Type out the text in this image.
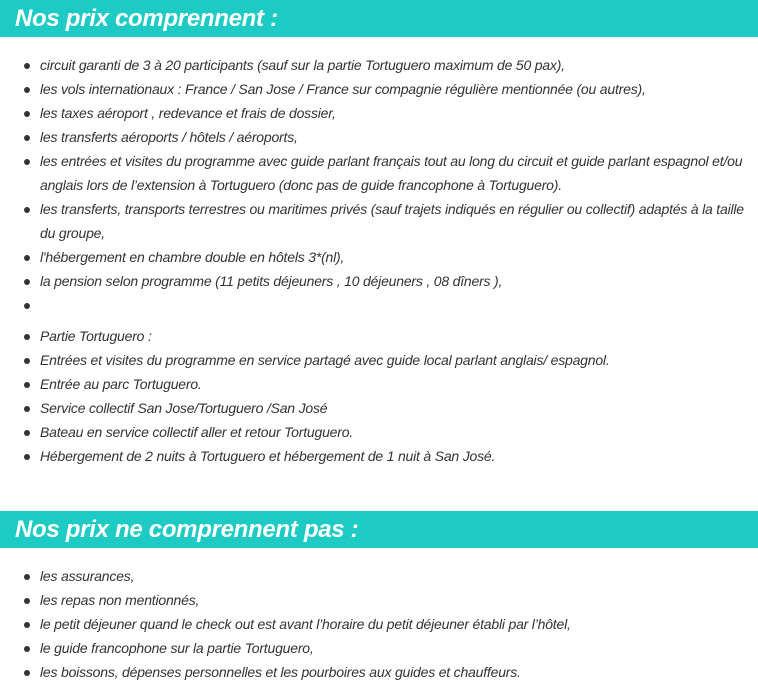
Nos prix comprennent :
circuit garanti de 3 à 20 participants (sauf sur la partie Tortuguero maximum de 50 pax),
les vols internationaux : France / San Jose / France sur compagnie régulière mentionnée (ou autres),
les taxes aéroport , redevance et frais de dossier,
les transferts aéroports / hôtels / aéroports,
les entrées et visites du programme avec guide parlant français tout au long du circuit et guide parlant espagnol et/ou anglais lors de l’extension à Tortuguero (donc pas de guide francophone à Tortuguero).
les transferts, transports terrestres ou maritimes privés (sauf trajets indiqués en régulier ou collectif) adaptés à la taille du groupe,
l'hébergement en chambre double en hôtels 3*(nl),
la pension selon programme (11 petits déjeuners , 10 déjeuners , 08 dîners ),
Partie Tortuguero :
Entrées et visites du programme en service partagé avec guide local parlant anglais/ espagnol.
Entrée au parc Tortuguero.
Service collectif San Jose/Tortuguero /San José
Bateau en service collectif aller et retour Tortuguero.
Hébergement de 2 nuits à Tortuguero et hébergement de 1 nuit à San José.
Nos prix ne comprennent pas :
les assurances,
les repas non mentionnés,
le petit déjeuner quand le check out est avant l’horaire du petit déjeuner établi par l’hôtel,
le guide francophone sur la partie Tortuguero,
les boissons, dépenses personnelles et les pourboires aux guides et chauffeurs.
